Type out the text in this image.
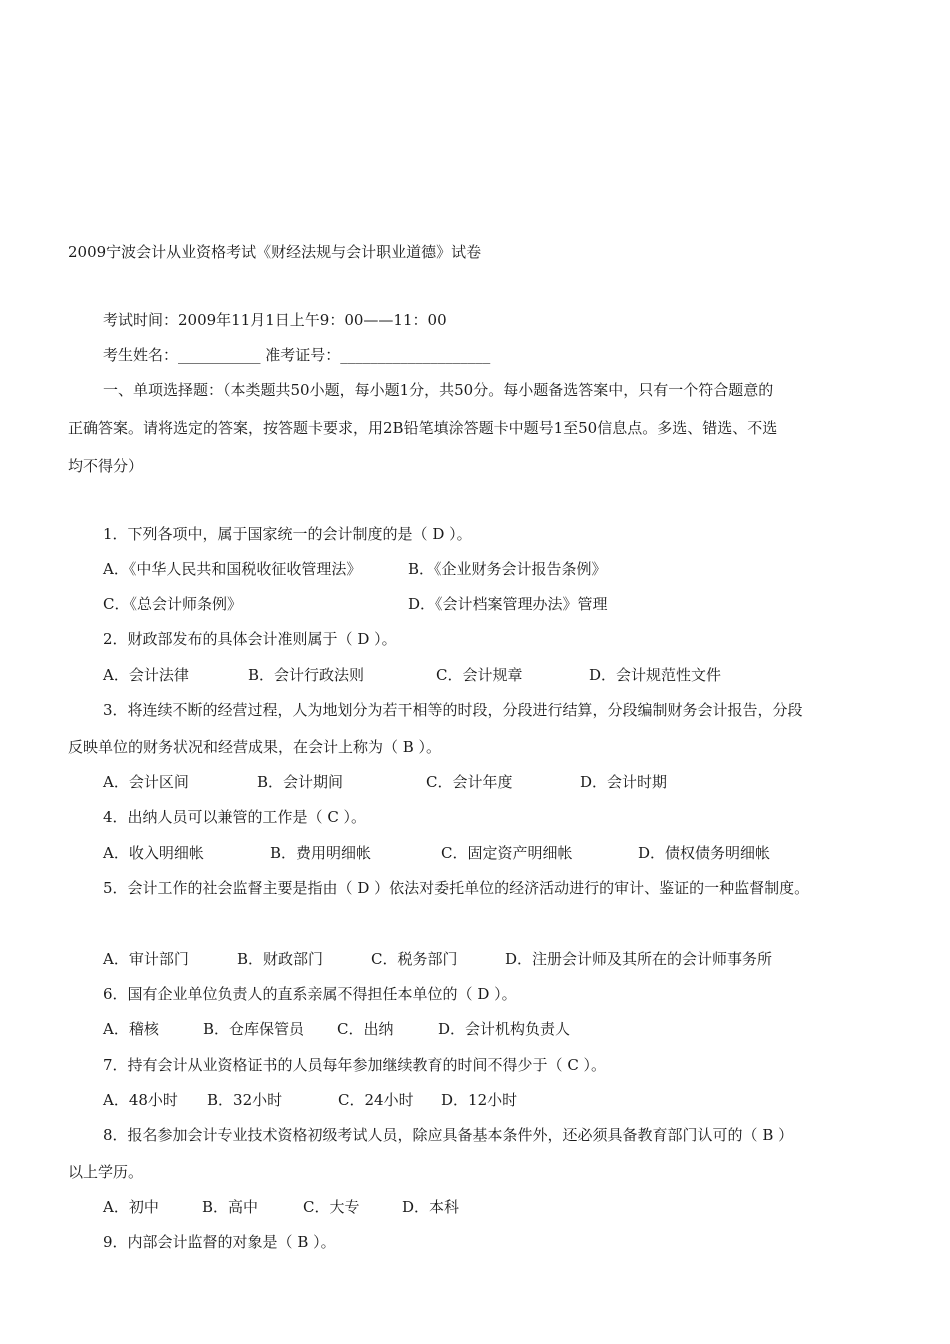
2009宁波会计从业资格考试《财经法规与会计职业道德》试卷
考试时间：2009年11月1日上午9：00——11：00
考生姓名：___________ 准考证号：____________________
一、单项选择题：（本类题共50小题，每小题1分，共50分。每小题备选答案中，只有一个符合题意的
正确答案。请将选定的答案，按答题卡要求，用2B铅笔填涂答题卡中题号1至50信息点。多选、错选、不选
均不得分）
1．下列各项中，属于国家统一的会计制度的是（ D ）。
A．《中华人民共和国税收征收管理法》	B．《企业财务会计报告条例》
C．《总会计师条例》	D．《会计档案管理办法》管理
2．财政部发布的具体会计准则属于（ D ）。
A．会计法律	B．会计行政法则	C．会计规章	D．会计规范性文件
3．将连续不断的经营过程，人为地划分为若干相等的时段，分段进行结算，分段编制财务会计报告，分段
反映单位的财务状况和经营成果，在会计上称为（ B ）。
A．会计区间	B．会计期间	C．会计年度	D．会计时期
4．出纳人员可以兼管的工作是（ C ）。
A．收入明细帐	B．费用明细帐	C．固定资产明细帐	D．债权债务明细帐
5．会计工作的社会监督主要是指由（ D ）依法对委托单位的经济活动进行的审计、鉴证的一种监督制度。
A．审计部门	B．财政部门	C．税务部门	D．注册会计师及其所在的会计师事务所
6．国有企业单位负责人的直系亲属不得担任本单位的（ D ）。
A．稽核	B．仓库保管员 C．出纳	D．会计机构负责人
7．持有会计从业资格证书的人员每年参加继续教育的时间不得少于（ C ）。
A．48小时 B．32小时	C．24小时 D．12小时
8．报名参加会计专业技术资格初级考试人员，除应具备基本条件外，还必须具备教育部门认可的（ B ）
以上学历。
A．初中	B．高中	C．大专	D．本科
9．内部会计监督的对象是（ B ）。
